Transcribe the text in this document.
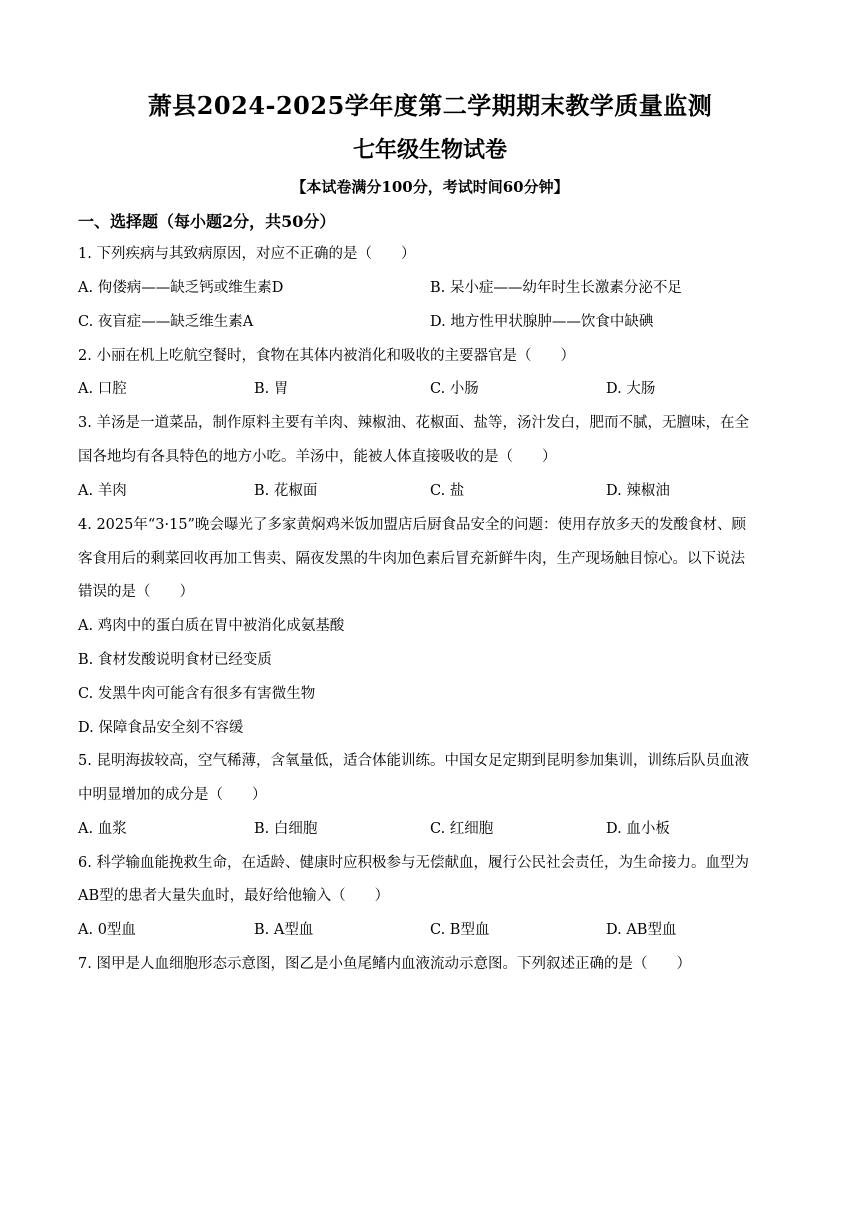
萧县2024-2025学年度第二学期期末教学质量监测
七年级生物试卷
【本试卷满分100分，考试时间60分钟】
一、选择题（每小题2分，共50分）
1. 下列疾病与其致病原因，对应不正确的是（　　）
A. 佝偻病——缺乏钙或维生素D	B. 呆小症——幼年时生长激素分泌不足
C. 夜盲症——缺乏维生素A	D. 地方性甲状腺肿——饮食中缺碘
2. 小丽在机上吃航空餐时，食物在其体内被消化和吸收的主要器官是（　　）
A. 口腔	B. 胃	C. 小肠	D. 大肠
3. 羊汤是一道菜品，制作原料主要有羊肉、辣椒油、花椒面、盐等，汤汁发白，肥而不腻，无膻味，在全
国各地均有各具特色的地方小吃。羊汤中，能被人体直接吸收的是（　　）
A. 羊肉	B. 花椒面	C. 盐	D. 辣椒油
4. 2025年“3·15”晚会曝光了多家黄焖鸡米饭加盟店后厨食品安全的问题：使用存放多天的发酸食材、顾
客食用后的剩菜回收再加工售卖、隔夜发黑的牛肉加色素后冒充新鲜牛肉，生产现场触目惊心。以下说法
错误的是（　　）
A. 鸡肉中的蛋白质在胃中被消化成氨基酸
B. 食材发酸说明食材已经变质
C. 发黑牛肉可能含有很多有害微生物
D. 保障食品安全刻不容缓
5. 昆明海拔较高，空气稀薄，含氧量低，适合体能训练。中国女足定期到昆明参加集训，训练后队员血液
中明显增加的成分是（　　）
A. 血浆	B. 白细胞	C. 红细胞	D. 血小板
6. 科学输血能挽救生命，在适龄、健康时应积极参与无偿献血，履行公民社会责任，为生命接力。血型为
AB型的患者大量失血时，最好给他输入（　　）
A. 0型血	B. A型血	C. B型血	D. AB型血
7. 图甲是人血细胞形态示意图，图乙是小鱼尾鳍内血液流动示意图。下列叙述正确的是（　　）
